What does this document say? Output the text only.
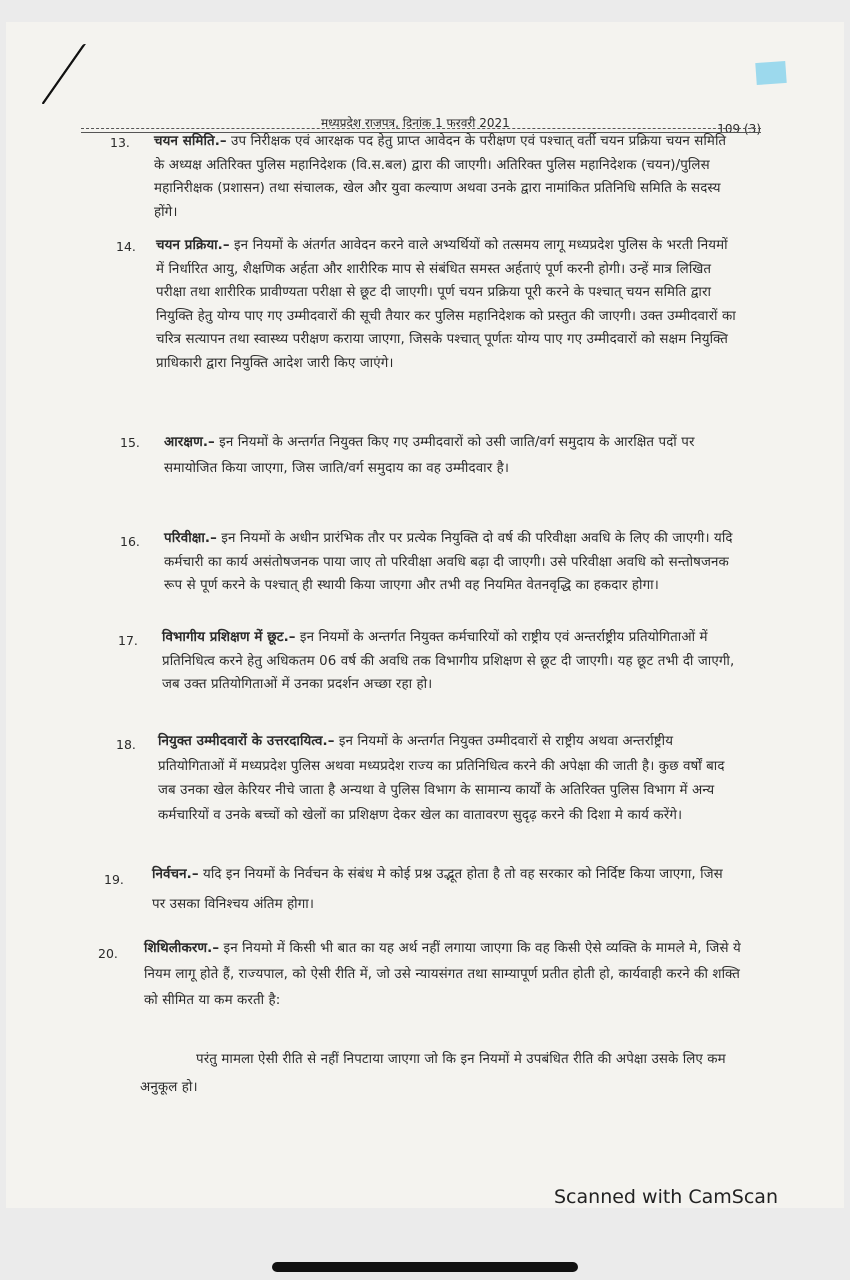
मध्यप्रदेश राजपत्र, दिनांक 1 फरवरी 2021	109 (3)
13.	चयन समिति.– उप निरीक्षक एवं आरक्षक पद हेतु प्राप्त आवेदन के परीक्षण एवं पश्चात् वर्ती चयन प्रक्रिया चयन समिति के अध्यक्ष अतिरिक्त पुलिस महानिदेशक (वि.स.बल) द्वारा की जाएगी। अतिरिक्त पुलिस महानिदेशक (चयन)/पुलिस महानिरीक्षक (प्रशासन) तथा संचालक, खेल और युवा कल्याण अथवा उनके द्वारा नामांकित प्रतिनिधि समिति के सदस्य होंगे।
14.	चयन प्रक्रिया.– इन नियमों के अंतर्गत आवेदन करने वाले अभ्यर्थियों को तत्समय लागू मध्यप्रदेश पुलिस के भरती नियमों में निर्धारित आयु, शैक्षणिक अर्हता और शारीरिक माप से संबंधित समस्त अर्हताएं पूर्ण करनी होगी। उन्हें मात्र लिखित परीक्षा तथा शारीरिक प्रावीण्यता परीक्षा से छूट दी जाएगी। पूर्ण चयन प्रक्रिया पूरी करने के पश्चात् चयन समिति द्वारा नियुक्ति हेतु योग्य पाए गए उम्मीदवारों की सूची तैयार कर पुलिस महानिदेशक को प्रस्तुत की जाएगी। उक्त उम्मीदवारों का चरित्र सत्यापन तथा स्वास्थ्य परीक्षण कराया जाएगा, जिसके पश्चात् पूर्णतः योग्य पाए गए उम्मीदवारों को सक्षम नियुक्ति प्राधिकारी द्वारा नियुक्ति आदेश जारी किए जाएंगे।
15.	आरक्षण.– इन नियमों के अन्तर्गत नियुक्त किए गए उम्मीदवारों को उसी जाति/वर्ग समुदाय के आरक्षित पदों पर समायोजित किया जाएगा, जिस जाति/वर्ग समुदाय का वह उम्मीदवार है।
16.	परिवीक्षा.– इन नियमों के अधीन प्रारंभिक तौर पर प्रत्येक नियुक्ति दो वर्ष की परिवीक्षा अवधि के लिए की जाएगी। यदि कर्मचारी का कार्य असंतोषजनक पाया जाए तो परिवीक्षा अवधि बढ़ा दी जाएगी। उसे परिवीक्षा अवधि को सन्तोषजनक रूप से पूर्ण करने के पश्चात् ही स्थायी किया जाएगा और तभी वह नियमित वेतनवृद्धि का हकदार होगा।
17.	विभागीय प्रशिक्षण में छूट.– इन नियमों के अन्तर्गत नियुक्त कर्मचारियों को राष्ट्रीय एवं अन्तर्राष्ट्रीय प्रतियोगिताओं में प्रतिनिधित्व करने हेतु अधिकतम 06 वर्ष की अवधि तक विभागीय प्रशिक्षण से छूट दी जाएगी। यह छूट तभी दी जाएगी, जब उक्त प्रतियोगिताओं में उनका प्रदर्शन अच्छा रहा हो।
18.	नियुक्त उम्मीदवारों के उत्तरदायित्व.– इन नियमों के अन्तर्गत नियुक्त उम्मीदवारों से राष्ट्रीय अथवा अन्तर्राष्ट्रीय प्रतियोगिताओं में मध्यप्रदेश पुलिस अथवा मध्यप्रदेश राज्य का प्रतिनिधित्व करने की अपेक्षा की जाती है। कुछ वर्षों बाद जब उनका खेल केरियर नीचे जाता है अन्यथा वे पुलिस विभाग के सामान्य कार्यों के अतिरिक्त पुलिस विभाग में अन्य कर्मचारियों व उनके बच्चों को खेलों का प्रशिक्षण देकर खेल का वातावरण सुदृढ़ करने की दिशा मे कार्य करेंगे।
19.	निर्वचन.– यदि इन नियमों के निर्वचन के संबंध मे कोई प्रश्न उद्भूत होता है तो वह सरकार को निर्दिष्ट किया जाएगा, जिस पर उसका विनिश्चय अंतिम होगा।
20.	शिथिलीकरण.– इन नियमो में किसी भी बात का यह अर्थ नहीं लगाया जाएगा कि वह किसी ऐसे व्यक्ति के मामले मे, जिसे ये नियम लागू होते हैं, राज्यपाल, को ऐसी रीति में, जो उसे न्यायसंगत तथा साम्यापूर्ण प्रतीत होती हो, कार्यवाही करने की शक्ति को सीमित या कम करती है:
परंतु मामला ऐसी रीति से नहीं निपटाया जाएगा जो कि इन नियमों मे उपबंधित रीति की अपेक्षा उसके लिए कम अनुकूल हो।
Scanned with CamScan
